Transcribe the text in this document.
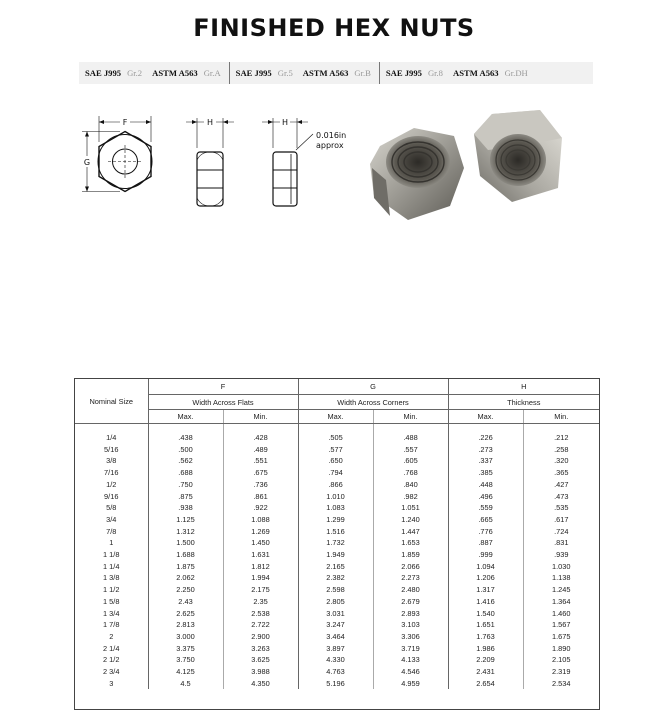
FINISHED HEX NUTS
SAE J995 Gr.2 ASTM A563 Gr.A SAE J995 Gr.5 ASTM A563 Gr.B SAE J995 Gr.8 ASTM A563 Gr.DH
F
G
H	H
0.016in
approx
Nominal Size	F		G		H	
	Width Across Flats		Width Across Corners		Thickness	
	Max.	Min.	Max.	Min.	Max.	Min.

1/4	.438	.428	.505	.488	.226	.212
5/16	.500	.489	.577	.557	.273	.258
3/8	.562	.551	.650	.605	.337	.320
7/16	.688	.675	.794	.768	.385	.365
1/2	.750	.736	.866	.840	.448	.427
9/16	.875	.861	1.010	.982	.496	.473
5/8	.938	.922	1.083	1.051	.559	.535
3/4	1.125	1.088	1.299	1.240	.665	.617
7/8	1.312	1.269	1.516	1.447	.776	.724
1	1.500	1.450	1.732	1.653	.887	.831
1 1/8	1.688	1.631	1.949	1.859	.999	.939
1 1/4	1.875	1.812	2.165	2.066	1.094	1.030
1 3/8	2.062	1.994	2.382	2.273	1.206	1.138
1 1/2	2.250	2.175	2.598	2.480	1.317	1.245
1 5/8	2.43	2.35	2.805	2.679	1.416	1.364
1 3/4	2.625	2.538	3.031	2.893	1.540	1.460
1 7/8	2.813	2.722	3.247	3.103	1.651	1.567
2	3.000	2.900	3.464	3.306	1.763	1.675
2 1/4	3.375	3.263	3.897	3.719	1.986	1.890
2 1/2	3.750	3.625	4.330	4.133	2.209	2.105
2 3/4	4.125	3.988	4.763	4.546	2.431	2.319
3	4.5	4.350	5.196	4.959	2.654	2.534
